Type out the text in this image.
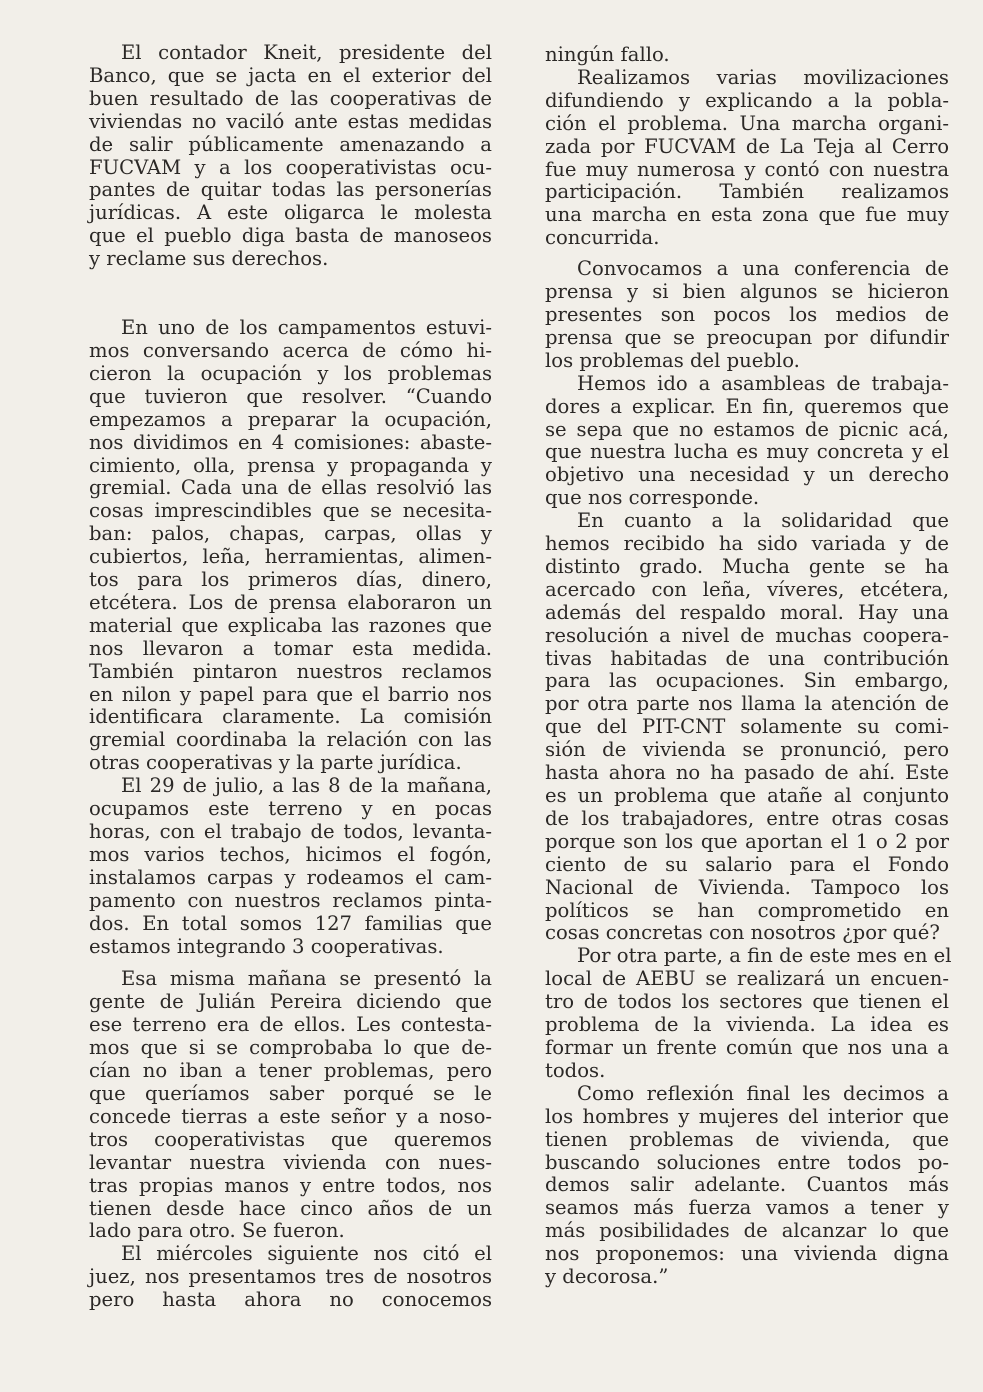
El contador Kneit, presidente del
Banco, que se jacta en el exterior del
buen resultado de las cooperativas de
viviendas no vaciló ante estas medidas
de salir públicamente amenazando a
FUCVAM y a los cooperativistas ocu-
pantes de quitar todas las personerías
jurídicas. A este oligarca le molesta
que el pueblo diga basta de manoseos
y reclame sus derechos.
En uno de los campamentos estuvi-
mos conversando acerca de cómo hi-
cieron la ocupación y los problemas
que tuvieron que resolver. “Cuando
empezamos a preparar la ocupación,
nos dividimos en 4 comisiones: abaste-
cimiento, olla, prensa y propaganda y
gremial. Cada una de ellas resolvió las
cosas imprescindibles que se necesita-
ban: palos, chapas, carpas, ollas y
cubiertos, leña, herramientas, alimen-
tos para los primeros días, dinero,
etcétera. Los de prensa elaboraron un
material que explicaba las razones que
nos llevaron a tomar esta medida.
También pintaron nuestros reclamos
en nilon y papel para que el barrio nos
identificara claramente. La comisión
gremial coordinaba la relación con las
otras cooperativas y la parte jurídica.
El 29 de julio, a las 8 de la mañana,
ocupamos este terreno y en pocas
horas, con el trabajo de todos, levanta-
mos varios techos, hicimos el fogón,
instalamos carpas y rodeamos el cam-
pamento con nuestros reclamos pinta-
dos. En total somos 127 familias que
estamos integrando 3 cooperativas.
Esa misma mañana se presentó la
gente de Julián Pereira diciendo que
ese terreno era de ellos. Les contesta-
mos que si se comprobaba lo que de-
cían no iban a tener problemas, pero
que queríamos saber porqué se le
concede tierras a este señor y a noso-
tros cooperativistas que queremos
levantar nuestra vivienda con nues-
tras propias manos y entre todos, nos
tienen desde hace cinco años de un
lado para otro. Se fueron.
El miércoles siguiente nos citó el
juez, nos presentamos tres de nosotros
pero hasta ahora no conocemos
ningún fallo.
Realizamos varias movilizaciones
difundiendo y explicando a la pobla-
ción el problema. Una marcha organi-
zada por FUCVAM de La Teja al Cerro
fue muy numerosa y contó con nuestra
participación. También realizamos
una marcha en esta zona que fue muy
concurrida.
Convocamos a una conferencia de
prensa y si bien algunos se hicieron
presentes son pocos los medios de
prensa que se preocupan por difundir
los problemas del pueblo.
Hemos ido a asambleas de trabaja-
dores a explicar. En fin, queremos que
se sepa que no estamos de picnic acá,
que nuestra lucha es muy concreta y el
objetivo una necesidad y un derecho
que nos corresponde.
En cuanto a la solidaridad que
hemos recibido ha sido variada y de
distinto grado. Mucha gente se ha
acercado con leña, víveres, etcétera,
además del respaldo moral. Hay una
resolución a nivel de muchas coopera-
tivas habitadas de una contribución
para las ocupaciones. Sin embargo,
por otra parte nos llama la atención de
que del PIT-CNT solamente su comi-
sión de vivienda se pronunció, pero
hasta ahora no ha pasado de ahí. Este
es un problema que atañe al conjunto
de los trabajadores, entre otras cosas
porque son los que aportan el 1 o 2 por
ciento de su salario para el Fondo
Nacional de Vivienda. Tampoco los
políticos se han comprometido en
cosas concretas con nosotros ¿por qué?
Por otra parte, a fin de este mes en el
local de AEBU se realizará un encuen-
tro de todos los sectores que tienen el
problema de la vivienda. La idea es
formar un frente común que nos una a
todos.
Como reflexión final les decimos a
los hombres y mujeres del interior que
tienen problemas de vivienda, que
buscando soluciones entre todos po-
demos salir adelante. Cuantos más
seamos más fuerza vamos a tener y
más posibilidades de alcanzar lo que
nos proponemos: una vivienda digna
y decorosa.”
